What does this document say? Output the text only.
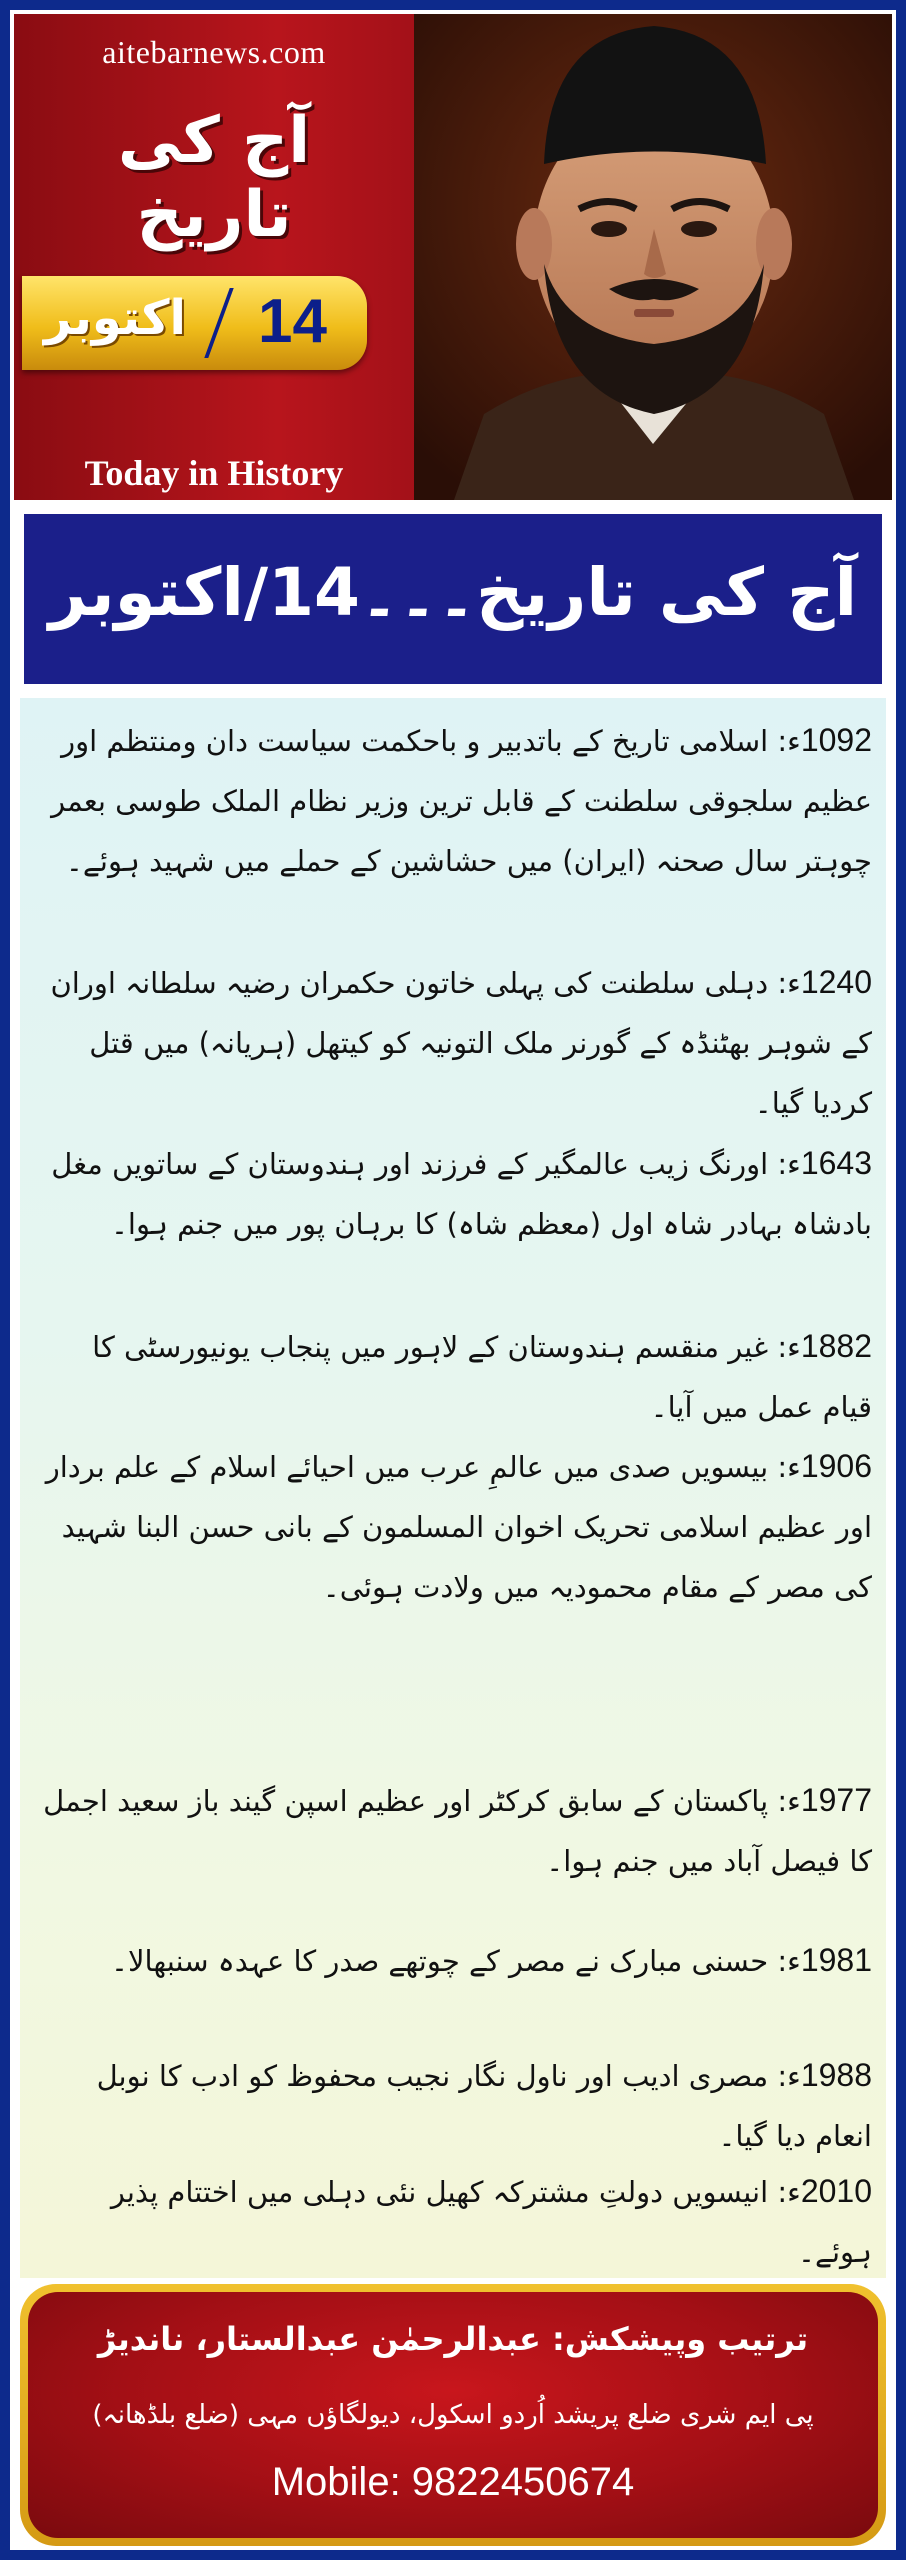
aitebarnews.com
آج کی تاریخ
اکتوبر 14
Today in History
آج کی تاریخ۔۔۔14/اکتوبر
1092ء: اسلامی تاریخ کے باتدبیر و باحکمت سیاست دان ومنتظم اور عظیم سلجوقی سلطنت کے قابل ترین وزیر نظام الملک طوسی بعمر چوہتر سال صحنہ (ایران) میں حشاشین کے حملے میں شہید ہوئے۔
1240ء: دہلی سلطنت کی پہلی خاتون حکمران رضیہ سلطانہ اوران کے شوہر بھٹنڈہ کے گورنر ملک التونیہ کو کیتھل (ہریانہ) میں قتل کردیا گیا۔
1643ء: اورنگ زیب عالمگیر کے فرزند اور ہندوستان کے ساتویں مغل بادشاہ بہادر شاہ اول (معظم شاہ) کا برہان پور میں جنم ہوا۔
1882ء: غیر منقسم ہندوستان کے لاہور میں پنجاب یونیورسٹی کا قیام عمل میں آیا۔
1906ء: بیسویں صدی میں عالمِ عرب میں احیائے اسلام کے علم بردار اور عظیم اسلامی تحریک اخوان المسلمون کے بانی حسن البنا شہید کی مصر کے مقام محمودیہ میں ولادت ہوئی۔
1977ء: پاکستان کے سابق کرکٹر اور عظیم اسپن گیند باز سعید اجمل کا فیصل آباد میں جنم ہوا۔
1981ء: حسنی مبارک نے مصر کے چوتھے صدر کا عہدہ سنبھالا۔
1988ء: مصری ادیب اور ناول نگار نجیب محفوظ کو ادب کا نوبل انعام دیا گیا۔
2010ء: انیسویں دولتِ مشترکہ کھیل نئی دہلی میں اختتام پذیر ہوئے۔
ترتیب وپیشکش: عبدالرحمٰن عبدالستار، ناندیڑ
پی ایم شری ضلع پریشد اُردو اسکول، دیولگاؤں مہی (ضلع بلڈھانہ)
Mobile: 9822450674
